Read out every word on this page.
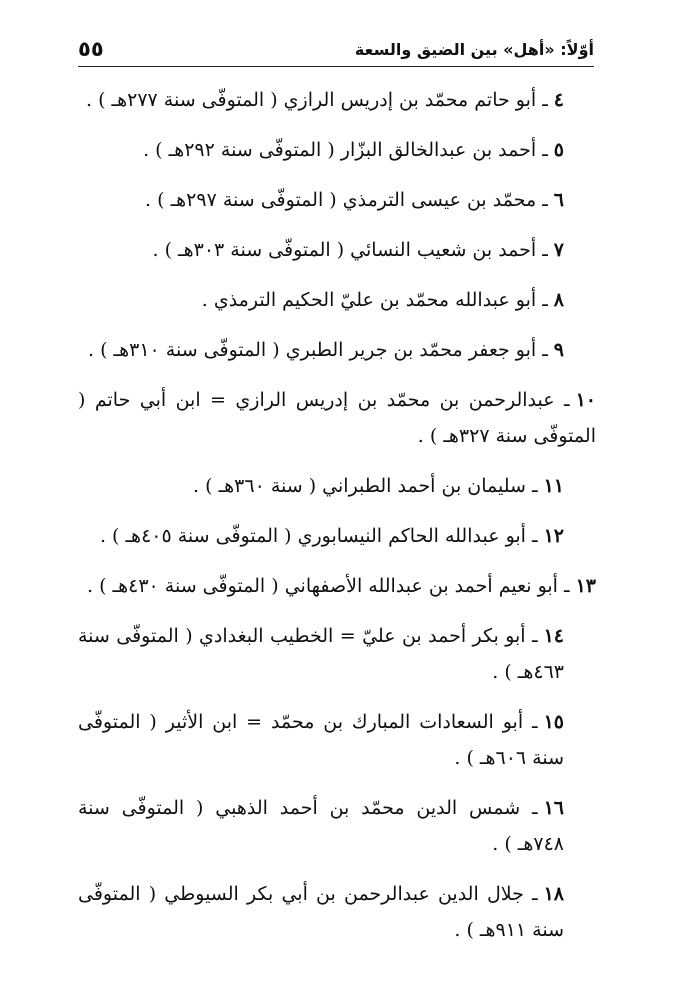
أوّلاً: «أهل» بين الضيق والسعة
٥٥

٤ـ أبو حاتم محمّد بن إدريس الرازي ( المتوفّى سنة ٢٧٧هـ ) .

٥ـ أحمد بن عبدالخالق البزّار ( المتوفّى سنة ٢٩٢هـ ) .

٦ـ محمّد بن عيسى الترمذي ( المتوفّى سنة ٢٩٧هـ ) .

٧ـ أحمد بن شعيب النسائي ( المتوفّى سنة ٣٠٣هـ ) .

٨ـ أبو عبدالله محمّد بن عليّ الحكيم الترمذي .

٩ـ أبو جعفر محمّد بن جرير الطبري ( المتوفّى سنة ٣١٠هـ ) .

١٠ـ عبدالرحمن بن محمّد بن إدريس الرازي = ابن أبي حاتم ( المتوفّى سنة ٣٢٧هـ ) .

١١ـ سليمان بن أحمد الطبراني ( سنة ٣٦٠هـ ) .

١٢ـ أبو عبدالله الحاكم النيسابوري ( المتوفّى سنة ٤٠٥هـ ) .

١٣ـ أبو نعيم أحمد بن عبدالله الأصفهاني ( المتوفّى سنة ٤٣٠هـ ) .

١٤ـ أبو بكر أحمد بن عليّ = الخطيب البغدادي ( المتوفّى سنة ٤٦٣هـ ) .

١٥ـ أبو السعادات المبارك بن محمّد = ابن الأثير ( المتوفّى سنة ٦٠٦هـ ) .

١٦ـ شمس الدين محمّد بن أحمد الذهبي ( المتوفّى سنة ٧٤٨هـ ) .

١٨ـ جلال الدين عبدالرحمن بن أبي بكر السيوطي ( المتوفّى سنة ٩١١هـ ) .
